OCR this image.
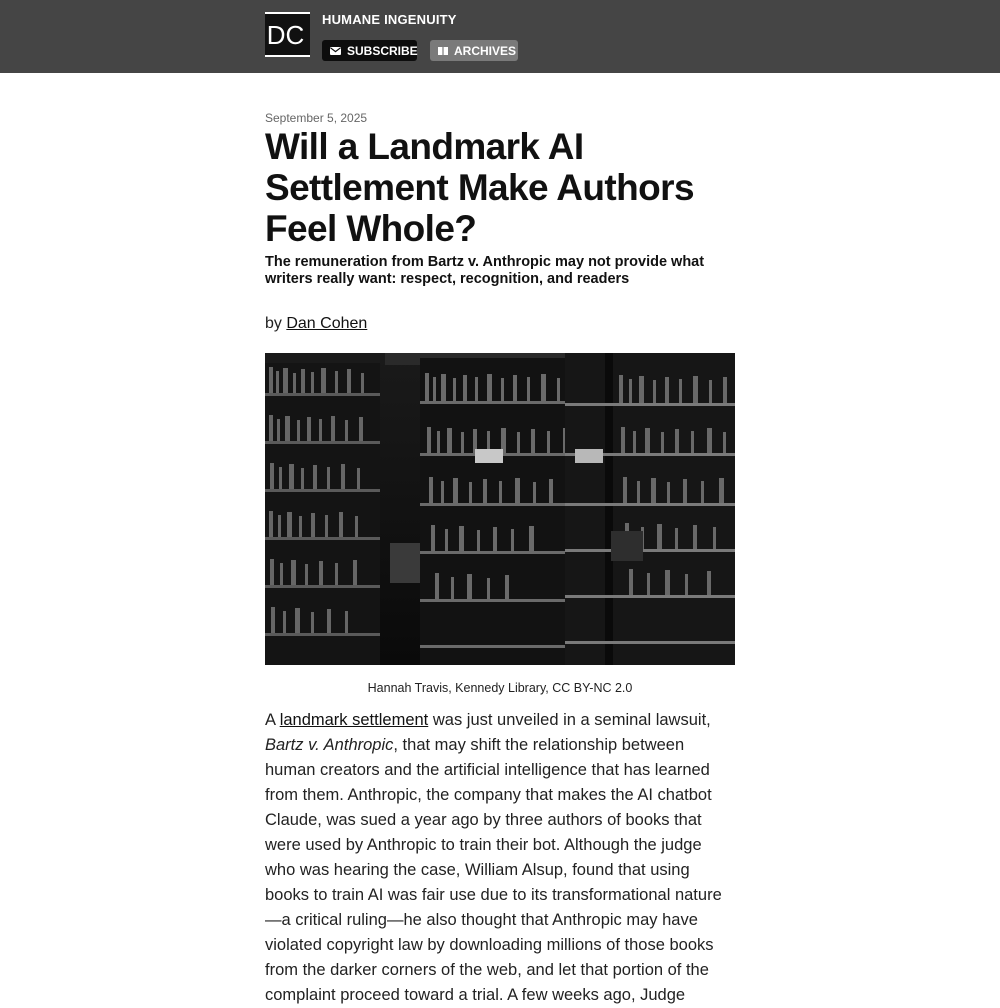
DC
HUMANE INGENUITY
SUBSCRIBE	ARCHIVES
September 5, 2025
Will a Landmark AI Settlement Make Authors Feel Whole?
The remuneration from Bartz v. Anthropic may not provide what writers really want: respect, recognition, and readers
by Dan Cohen
Hannah Travis, Kennedy Library, CC BY-NC 2.0

A landmark settlement was just unveiled in a seminal lawsuit, Bartz v. Anthropic, that may shift the relationship between human creators and the artificial intelligence that has learned from them. Anthropic, the company that makes the AI chatbot Claude, was sued a year ago by three authors of books that were used by Anthropic to train their bot. Although the judge who was hearing the case, William Alsup, found that using books to train AI was fair use due to its transformational nature—a critical ruling—he also thought that Anthropic may have violated copyright law by downloading millions of those books from the darker corners of the web, and let that portion of the complaint proceed toward a trial. A few weeks ago, Judge
